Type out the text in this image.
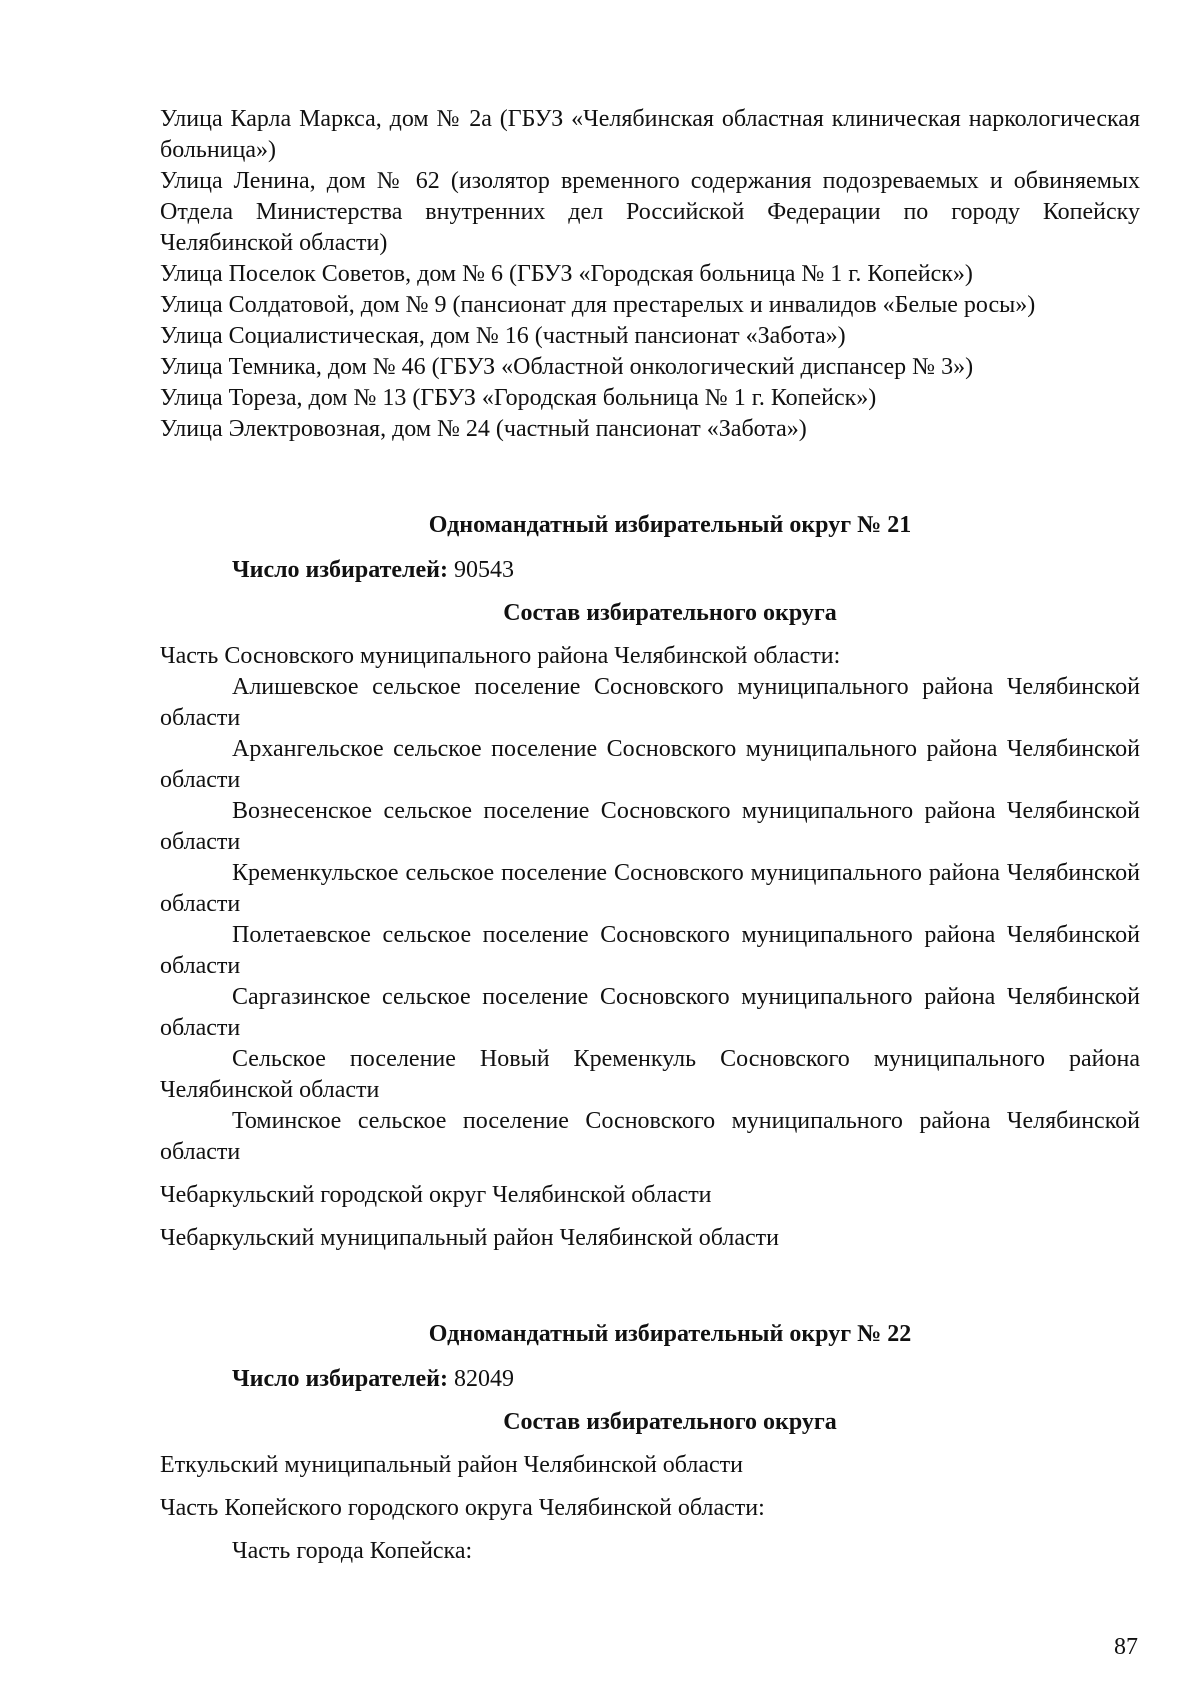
Улица Карла Маркса, дом № 2а (ГБУЗ «Челябинская областная клиническая наркологическая больница»)

Улица Ленина, дом № 62 (изолятор временного содержания подозреваемых и обвиняемых Отдела Министерства внутренних дел Российской Федерации по городу Копейску Челябинской области)

Улица Поселок Советов, дом № 6 (ГБУЗ «Городская больница № 1 г. Копейск»)

Улица Солдатовой, дом № 9 (пансионат для престарелых и инвалидов «Белые росы»)

Улица Социалистическая, дом № 16 (частный пансионат «Забота»)

Улица Темника, дом № 46 (ГБУЗ «Областной онкологический диспансер № 3»)

Улица Тореза, дом № 13 (ГБУЗ «Городская больница № 1 г. Копейск»)

Улица Электровозная, дом № 24 (частный пансионат «Забота»)

Одномандатный избирательный округ № 21

Число избирателей: 90543

Состав избирательного округа

Часть Сосновского муниципального района Челябинской области:

Алишевское сельское поселение Сосновского муниципального района Челябинской области

Архангельское сельское поселение Сосновского муниципального района Челябинской области

Вознесенское сельское поселение Сосновского муниципального района Челябинской области

Кременкульское сельское поселение Сосновского муниципального района Челябинской области

Полетаевское сельское поселение Сосновского муниципального района Челябинской области

Саргазинское сельское поселение Сосновского муниципального района Челябинской области

Сельское поселение Новый Кременкуль Сосновского муниципального района Челябинской области

Томинское сельское поселение Сосновского муниципального района Челябинской области

Чебаркульский городской округ Челябинской области

Чебаркульский муниципальный район Челябинской области

Одномандатный избирательный округ № 22

Число избирателей: 82049

Состав избирательного округа

Еткульский муниципальный район Челябинской области

Часть Копейского городского округа Челябинской области:

Часть города Копейска:

87
